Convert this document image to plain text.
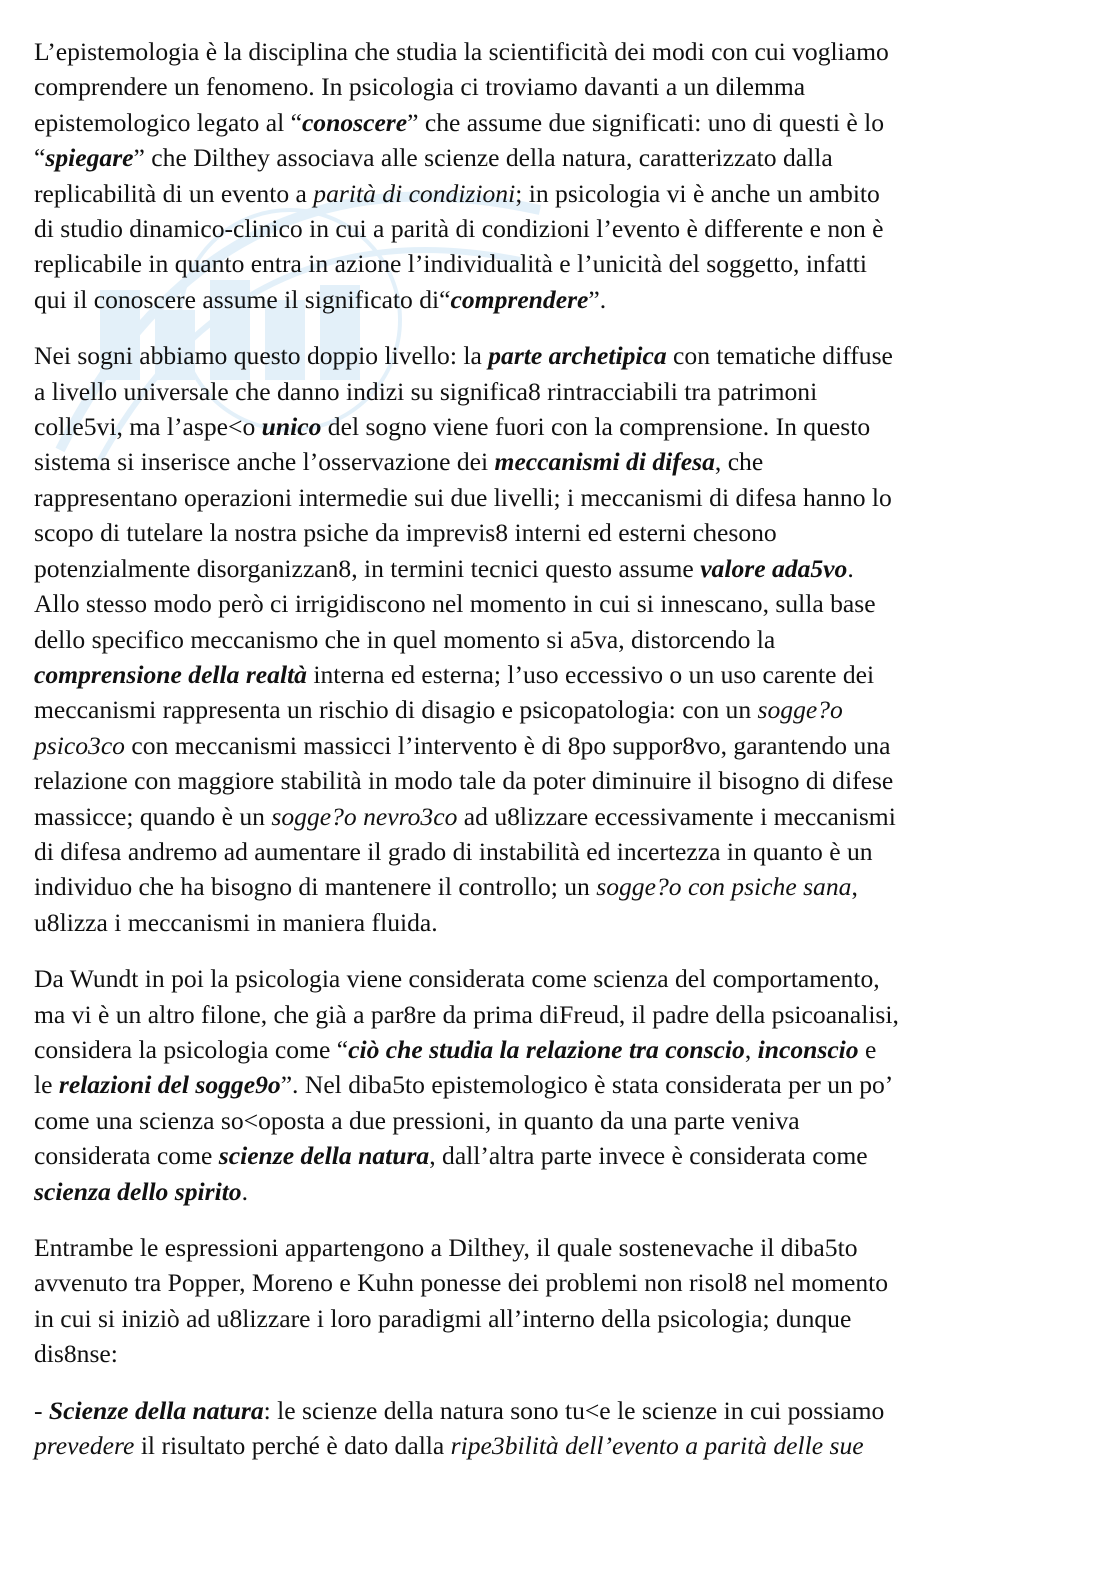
L’epistemologia è la disciplina che studia la scientificità dei modi con cui vogliamo
comprendere un fenomeno. In psicologia ci troviamo davanti a un dilemma
epistemologico legato al “conoscere” che assume due significati: uno di questi è lo
“spiegare” che Dilthey associava alle scienze della natura, caratterizzato dalla
replicabilità di un evento a parità di condizioni; in psicologia vi è anche un ambito
di studio dinamico-clinico in cui a parità di condizioni l’evento è differente e non è
replicabile in quanto entra in azione l’individualità e l’unicità del soggetto, infatti
qui il conoscere assume il significato di“comprendere”.
Nei sogni abbiamo questo doppio livello: la parte archetipica con tematiche diffuse
a livello universale che danno indizi su significa8 rintracciabili tra patrimoni
colle5vi, ma l’aspe<o unico del sogno viene fuori con la comprensione. In questo
sistema si inserisce anche l’osservazione dei meccanismi di difesa, che
rappresentano operazioni intermedie sui due livelli; i meccanismi di difesa hanno lo
scopo di tutelare la nostra psiche da imprevis8 interni ed esterni chesono
potenzialmente disorganizzan8, in termini tecnici questo assume valore ada5vo.
Allo stesso modo però ci irrigidiscono nel momento in cui si innescano, sulla base
dello specifico meccanismo che in quel momento si a5va, distorcendo la
comprensione della realtà interna ed esterna; l’uso eccessivo o un uso carente dei
meccanismi rappresenta un rischio di disagio e psicopatologia: con un sogge?o
psico3co con meccanismi massicci l’intervento è di 8po suppor8vo, garantendo una
relazione con maggiore stabilità in modo tale da poter diminuire il bisogno di difese
massicce; quando è un sogge?o nevro3co ad u8lizzare eccessivamente i meccanismi
di difesa andremo ad aumentare il grado di instabilità ed incertezza in quanto è un
individuo che ha bisogno di mantenere il controllo; un sogge?o con psiche sana,
u8lizza i meccanismi in maniera fluida.
Da Wundt in poi la psicologia viene considerata come scienza del comportamento,
ma vi è un altro filone, che già a par8re da prima diFreud, il padre della psicoanalisi,
considera la psicologia come “ciò che studia la relazione tra conscio, inconscio e
le relazioni del sogge9o”. Nel diba5to epistemologico è stata considerata per un po’
come una scienza so<oposta a due pressioni, in quanto da una parte veniva
considerata come scienze della natura, dall’altra parte invece è considerata come
scienza dello spirito.
Entrambe le espressioni appartengono a Dilthey, il quale sostenevache il diba5to
avvenuto tra Popper, Moreno e Kuhn ponesse dei problemi non risol8 nel momento
in cui si iniziò ad u8lizzare i loro paradigmi all’interno della psicologia; dunque
dis8nse:
- Scienze della natura: le scienze della natura sono tu<e le scienze in cui possiamo
prevedere il risultato perché è dato dalla ripe3bilità dell’evento a parità delle sue
